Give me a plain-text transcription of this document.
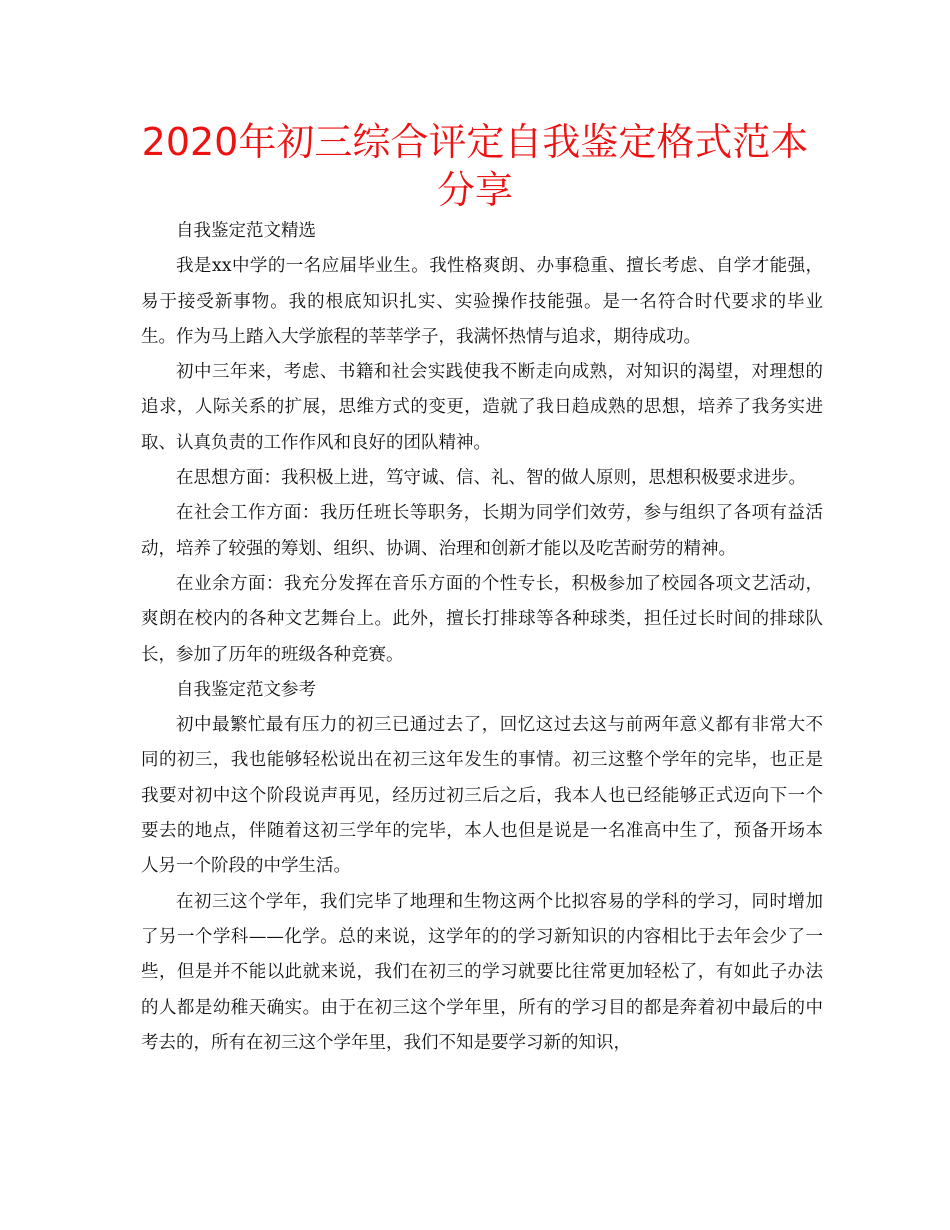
2020年初三综合评定自我鉴定格式范本分享

自我鉴定范文精选

我是xx中学的一名应届毕业生。我性格爽朗、办事稳重、擅长考虑、自学才能强，易于接受新事物。我的根底知识扎实、实验操作技能强。是一名符合时代要求的毕业生。作为马上踏入大学旅程的莘莘学子，我满怀热情与追求，期待成功。

初中三年来，考虑、书籍和社会实践使我不断走向成熟，对知识的渴望，对理想的追求，人际关系的扩展，思维方式的变更，造就了我日趋成熟的思想，培养了我务实进取、认真负责的工作作风和良好的团队精神。

在思想方面：我积极上进，笃守诚、信、礼、智的做人原则，思想积极要求进步。

在社会工作方面：我历任班长等职务，长期为同学们效劳，参与组织了各项有益活动，培养了较强的筹划、组织、协调、治理和创新才能以及吃苦耐劳的精神。

在业余方面：我充分发挥在音乐方面的个性专长，积极参加了校园各项文艺活动，爽朗在校内的各种文艺舞台上。此外，擅长打排球等各种球类，担任过长时间的排球队长，参加了历年的班级各种竞赛。

自我鉴定范文参考

初中最繁忙最有压力的初三已通过去了，回忆这过去这与前两年意义都有非常大不同的初三，我也能够轻松说出在初三这年发生的事情。初三这整个学年的完毕，也正是我要对初中这个阶段说声再见，经历过初三后之后，我本人也已经能够正式迈向下一个要去的地点，伴随着这初三学年的完毕，本人也但是说是一名准高中生了，预备开场本人另一个阶段的中学生活。

在初三这个学年，我们完毕了地理和生物这两个比拟容易的学科的学习，同时增加了另一个学科——化学。总的来说，这学年的的学习新知识的内容相比于去年会少了一些，但是并不能以此就来说，我们在初三的学习就要比往常更加轻松了，有如此子办法的人都是幼稚天确实。由于在初三这个学年里，所有的学习目的都是奔着初中最后的中考去的，所有在初三这个学年里，我们不知是要学习新的知识，
